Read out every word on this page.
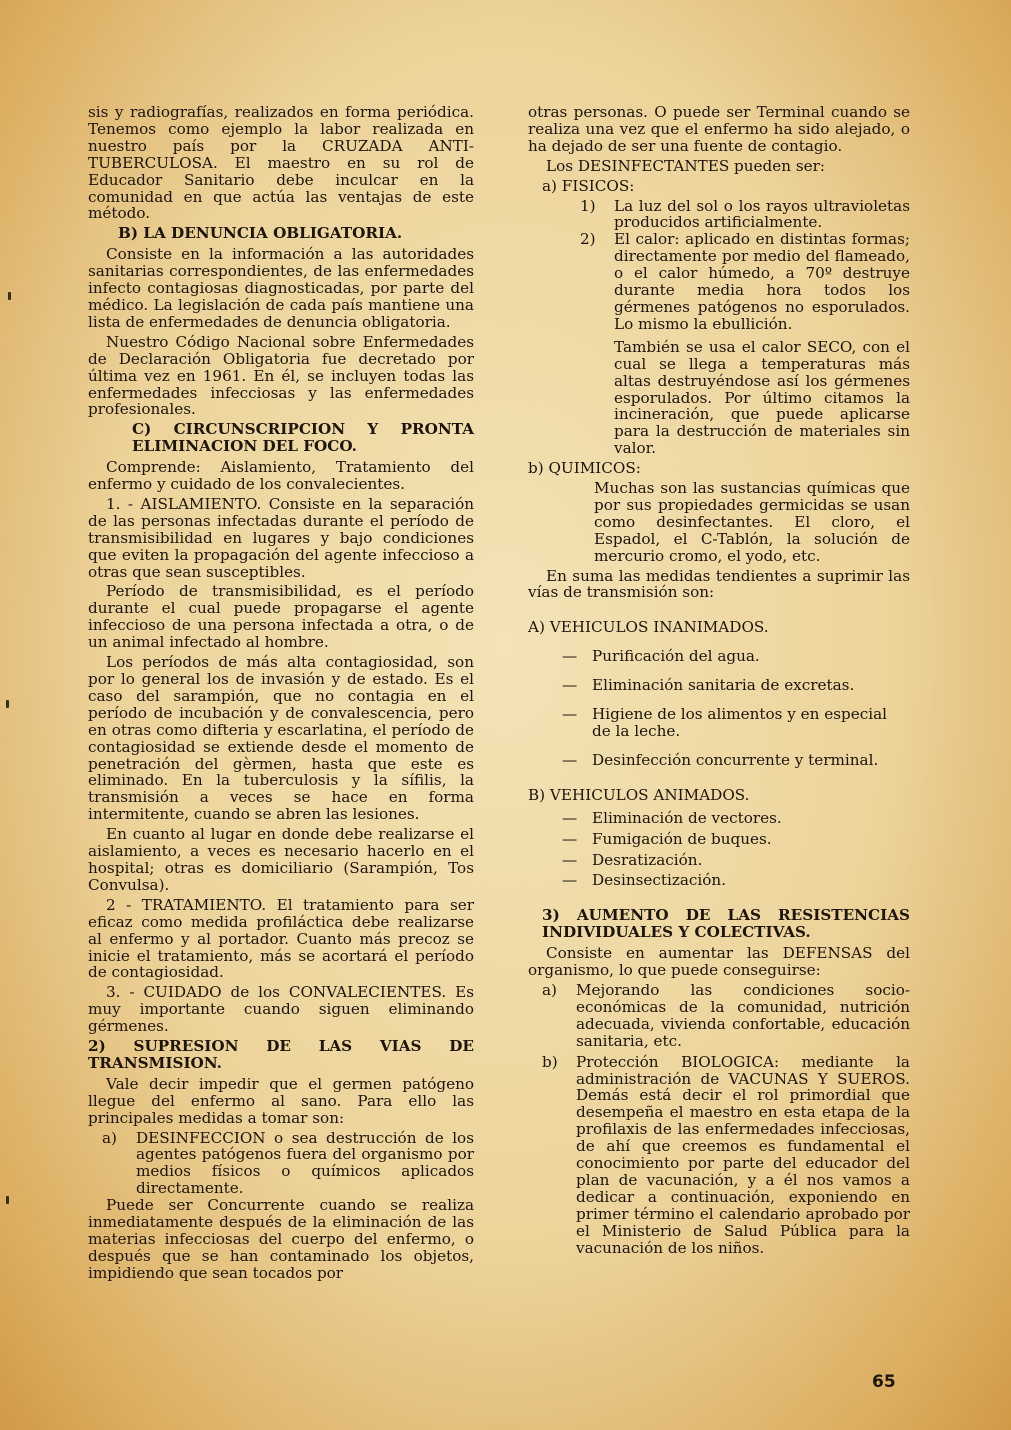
sis y radiografías, realizados en forma periódica. Tenemos como ejemplo la labor realizada en nuestro país por la CRUZADA ANTI-TUBERCULOSA. El maestro en su rol de Educador Sanitario debe inculcar en la comunidad en que actúa las ventajas de este método.

B) LA DENUNCIA OBLIGATORIA.

Consiste en la información a las autoridades sanitarias correspondientes, de las enfermedades infecto contagiosas diagnosticadas, por parte del médico. La legislación de cada país mantiene una lista de enfermedades de denuncia obligatoria.

Nuestro Código Nacional sobre Enfermedades de Declaración Obligatoria fue decretado por última vez en 1961. En él, se incluyen todas las enfermedades infecciosas y las enfermedades profesionales.

C) CIRCUNSCRIPCION Y PRONTA ELIMINACION DEL FOCO.

Comprende: Aislamiento, Tratamiento del enfermo y cuidado de los convalecientes.

1. - AISLAMIENTO. Consiste en la separación de las personas infectadas durante el período de transmisibilidad en lugares y bajo condiciones que eviten la propagación del agente infeccioso a otras que sean susceptibles.

Período de transmisibilidad, es el período durante el cual puede propagarse el agente infeccioso de una persona infectada a otra, o de un animal infectado al hombre.

Los períodos de más alta contagiosidad, son por lo general los de invasión y de estado. Es el caso del sarampión, que no contagia en el período de incubación y de convalescencia, pero en otras como difteria y escarlatina, el período de contagiosidad se extiende desde el momento de penetración del gèrmen, hasta que este es eliminado. En la tuberculosis y la sífilis, la transmisión a veces se hace en forma intermitente, cuando se abren las lesiones.

En cuanto al lugar en donde debe realizarse el aislamiento, a veces es necesario hacerlo en el hospital; otras es domiciliario (Sarampión, Tos Convulsa).

2 - TRATAMIENTO. El tratamiento para ser eficaz como medida profiláctica debe realizarse al enfermo y al portador. Cuanto más precoz se inicie el tratamiento, más se acortará el período de contagiosidad.

3. - CUIDADO de los CONVALECIENTES. Es muy importante cuando siguen eliminando gérmenes.

2) SUPRESION DE LAS VIAS DE TRANSMISION.

Vale decir impedir que el germen patógeno llegue del enfermo al sano. Para ello las principales medidas a tomar son:

a)	DESINFECCION o sea destrucción de los agentes patógenos fuera del organismo por medios físicos o químicos aplicados directamente.

Puede ser Concurrente cuando se realiza inmediatamente después de la eliminación de las materias infecciosas del cuerpo del enfermo, o después que se han contaminado los objetos, impidiendo que sean tocados por

otras personas. O puede ser Terminal cuando se realiza una vez que el enfermo ha sido alejado, o ha dejado de ser una fuente de contagio.

Los DESINFECTANTES pueden ser:

a) FISICOS:

1)	La luz del sol o los rayos ultravioletas producidos artificialmente.
2)	El calor: aplicado en distintas formas; directamente por medio del flameado, o el calor húmedo, a 70º destruye durante media hora todos los gérmenes patógenos no esporulados. Lo mismo la ebullición.

También se usa el calor SECO, con el cual se llega a temperaturas más altas destruyéndose así los gérmenes esporulados. Por último citamos la incineración, que puede aplicarse para la destrucción de materiales sin valor.

b) QUIMICOS:

Muchas son las sustancias químicas que por sus propiedades germicidas se usan como desinfectantes. El cloro, el Espadol, el C-Tablón, la solución de mercurio cromo, el yodo, etc.

En suma las medidas tendientes a suprimir las vías de transmisión son:

A) VEHICULOS INANIMADOS.

— Purificación del agua.
— Eliminación sanitaria de excretas.
— Higiene de los alimentos y en especial de la leche.
— Desinfección concurrente y terminal.

B) VEHICULOS ANIMADOS.

— Eliminación de vectores.
— Fumigación de buques.
— Desratización.
— Desinsectización.

3) AUMENTO DE LAS RESISTENCIAS INDIVIDUALES Y COLECTIVAS.

Consiste en aumentar las DEFENSAS del organismo, lo que puede conseguirse:

a)	Mejorando las condiciones socio-económicas de la comunidad, nutrición adecuada, vivienda confortable, educación sanitaria, etc.
b)	Protección BIOLOGICA: mediante la administración de VACUNAS Y SUEROS. Demás está decir el rol primordial que desempeña el maestro en esta etapa de la profilaxis de las enfermedades infecciosas, de ahí que creemos es fundamental el conocimiento por parte del educador del plan de vacunación, y a él nos vamos a dedicar a continuación, exponiendo en primer término el calendario aprobado por el Ministerio de Salud Pública para la vacunación de los niños.
65
